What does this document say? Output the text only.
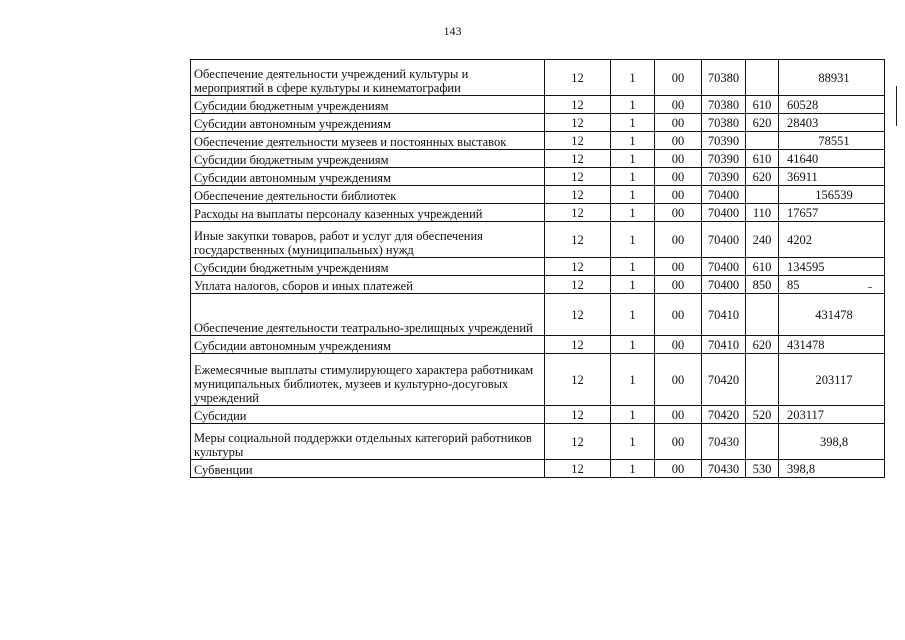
143
Обеспечение деятельности учреждений культуры и мероприятий в сфере культуры и кинематографии	12	1	00	70380		88931
Субсидии бюджетным учреждениям	12	1	00	70380	610	60528
Субсидии автономным учреждениям	12	1	00	70380	620	28403
Обеспечение деятельности музеев и постоянных выставок	12	1	00	70390		78551
Субсидии бюджетным учреждениям	12	1	00	70390	610	41640
Субсидии автономным учреждениям	12	1	00	70390	620	36911
Обеспечение деятельности библиотек	12	1	00	70400		156539
Расходы на выплаты персоналу казенных учреждений	12	1	00	70400	110	17657
Иные закупки товаров, работ и услуг для обеспечения государственных (муниципальных) нужд	12	1	00	70400	240	4202
Субсидии бюджетным учреждениям	12	1	00	70400	610	134595
Уплата налогов, сборов и иных платежей	12	1	00	70400	850	85
Обеспечение деятельности театрально-зрелищных учреждений	12	1	00	70410		431478
Субсидии автономным учреждениям	12	1	00	70410	620	431478
Ежемесячные выплаты стимулирующего характера работникам муниципальных библиотек, музеев и культурно-досуговых учреждений	12	1	00	70420		203117
Субсидии	12	1	00	70420	520	203117
Меры социальной поддержки отдельных категорий работников культуры	12	1	00	70430		398,8
Субвенции	12	1	00	70430	530	398,8
